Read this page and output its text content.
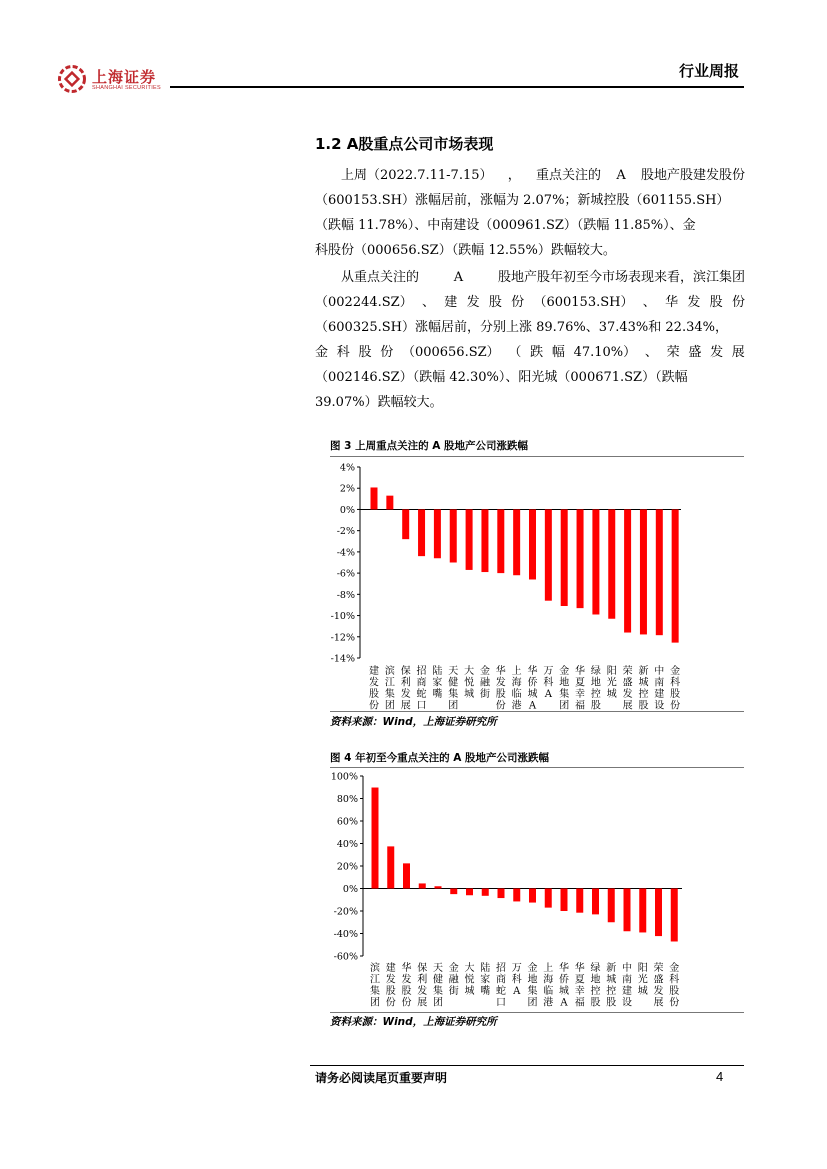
上海证券
SHANGHAI SECURITIES
行业周报
1.2 A股重点公司市场表现
上周（2022.7.11-7.15） ， 重点关注的 A 股地产股建发股份
（600153.SH）涨幅居前，涨幅为 2.07%；新城控股（601155.SH）
（跌幅 11.78%）、中南建设（000961.SZ）（跌幅 11.85%）、金
科股份（000656.SZ）（跌幅 12.55%）跌幅较大。
从重点关注的	A	股地产股年初至今市场表现来看，滨江集团
（002244.SZ） 、 建 发 股 份 （600153.SH） 、 华 发 股 份
（600325.SH）涨幅居前，分别上涨 89.76%、37.43%和 22.34%，
金 科 股 份 （000656.SZ） （ 跌 幅 47.10%） 、 荣 盛 发 展
（002146.SZ）（跌幅 42.30%）、阳光城（000671.SZ）（跌幅
39.07%）跌幅较大。
图 3 上周重点关注的 A 股地产公司涨跌幅
4%
2%
0%
-2%
-4%
-6%
-8%
-10%
-12%
-14%
建
发
股
份
滨
江
集
团
保
利
发
展
招
商
蛇
口
陆
家
嘴
天
健
集
团
大
悦
城
金
融
街
华
发
股
份
上
海
临
港
华
侨
城
A
万
科
A
金
地
集
团
华
夏
幸
福
绿
地
控
股
阳
光
城
荣
盛
发
展
新
城
控
股
中
南
建
设
金
科
股
份
资料来源：Wind，上海证券研究所
图 4 年初至今重点关注的 A 股地产公司涨跌幅
100%
80%
60%
40%
20%
0%
-20%
-40%
-60%
滨
江
集
团
建
发
股
份
华
发
股
份
保
利
发
展
天
健
集
团
金
融
街
大
悦
城
陆
家
嘴
招
商
蛇
口
万
科
A
金
地
集
团
上
海
临
港
华
侨
城
A
华
夏
幸
福
绿
地
控
股
新
城
控
股
中
南
建
设
阳
光
城
荣
盛
发
展
金
科
股
份
资料来源：Wind，上海证券研究所
请务必阅读尾页重要声明	4
